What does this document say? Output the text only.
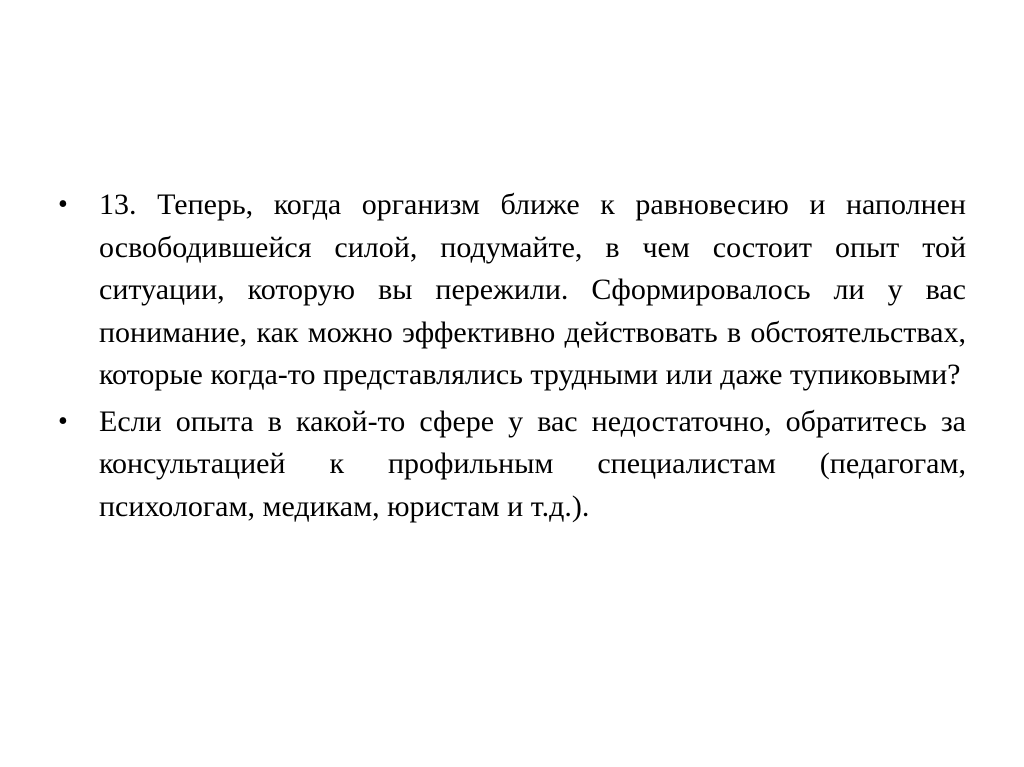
• 13. Теперь, когда организм ближе к равновесию и наполнен освободившейся силой, подумайте, в чем состоит опыт той ситуации, которую вы пережили. Сформировалось ли у вас понимание, как можно эффективно действовать в обстоятельствах, которые когда-то представлялись трудными или даже тупиковыми?
• Если опыта в какой-то сфере у вас недостаточно, обратитесь за консультацией к профильным специалистам (педагогам, психологам, медикам, юристам и т.д.).
